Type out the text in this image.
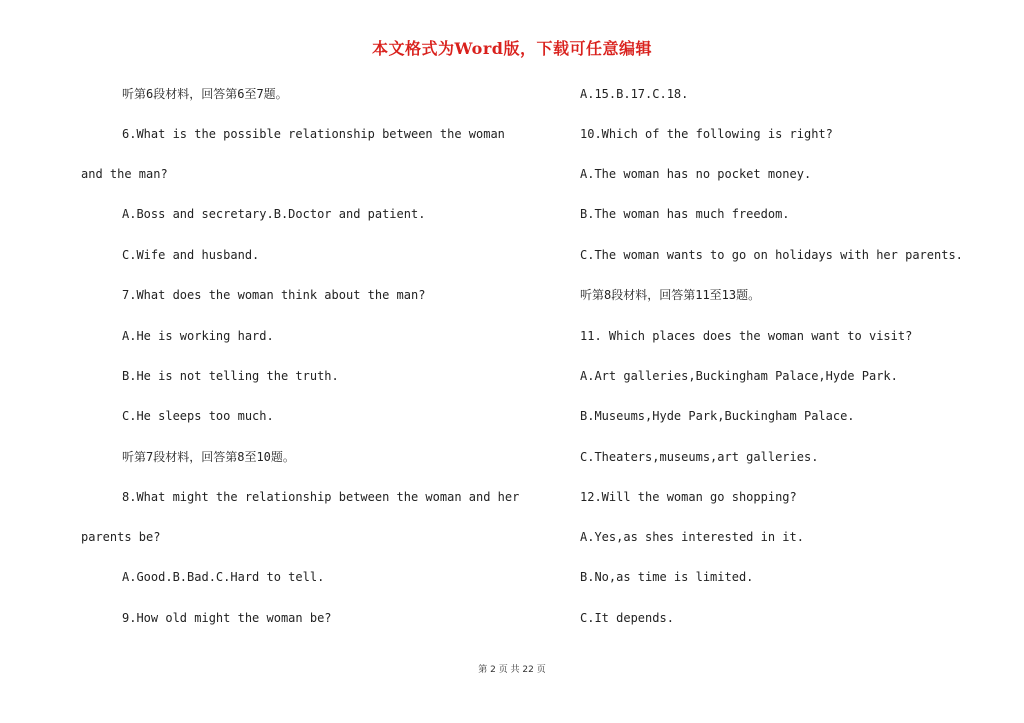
本文格式为Word版，下载可任意编辑
听第6段材料，回答第6至7题。
6.What is the possible relationship between the woman
and the man?
A.Boss and secretary.B.Doctor and patient.
C.Wife and husband.
7.What does the woman think about the man?
A.He is working hard.
B.He is not telling the truth.
C.He sleeps too much.
听第7段材料，回答第8至10题。
8.What might the relationship between the woman and her
parents be?
A.Good.B.Bad.C.Hard to tell.
9.How old might the woman be?
A.15.B.17.C.18.
10.Which of the following is right?
A.The woman has no pocket money.
B.The woman has much freedom.
C.The woman wants to go on holidays with her parents.
听第8段材料，回答第11至13题。
11. Which places does the woman want to visit?
A.Art galleries,Buckingham Palace,Hyde Park.
B.Museums,Hyde Park,Buckingham Palace.
C.Theaters,museums,art galleries.
12.Will the woman go shopping?
A.Yes,as shes interested in it.
B.No,as time is limited.
C.It depends.
第 2 页 共 22 页
